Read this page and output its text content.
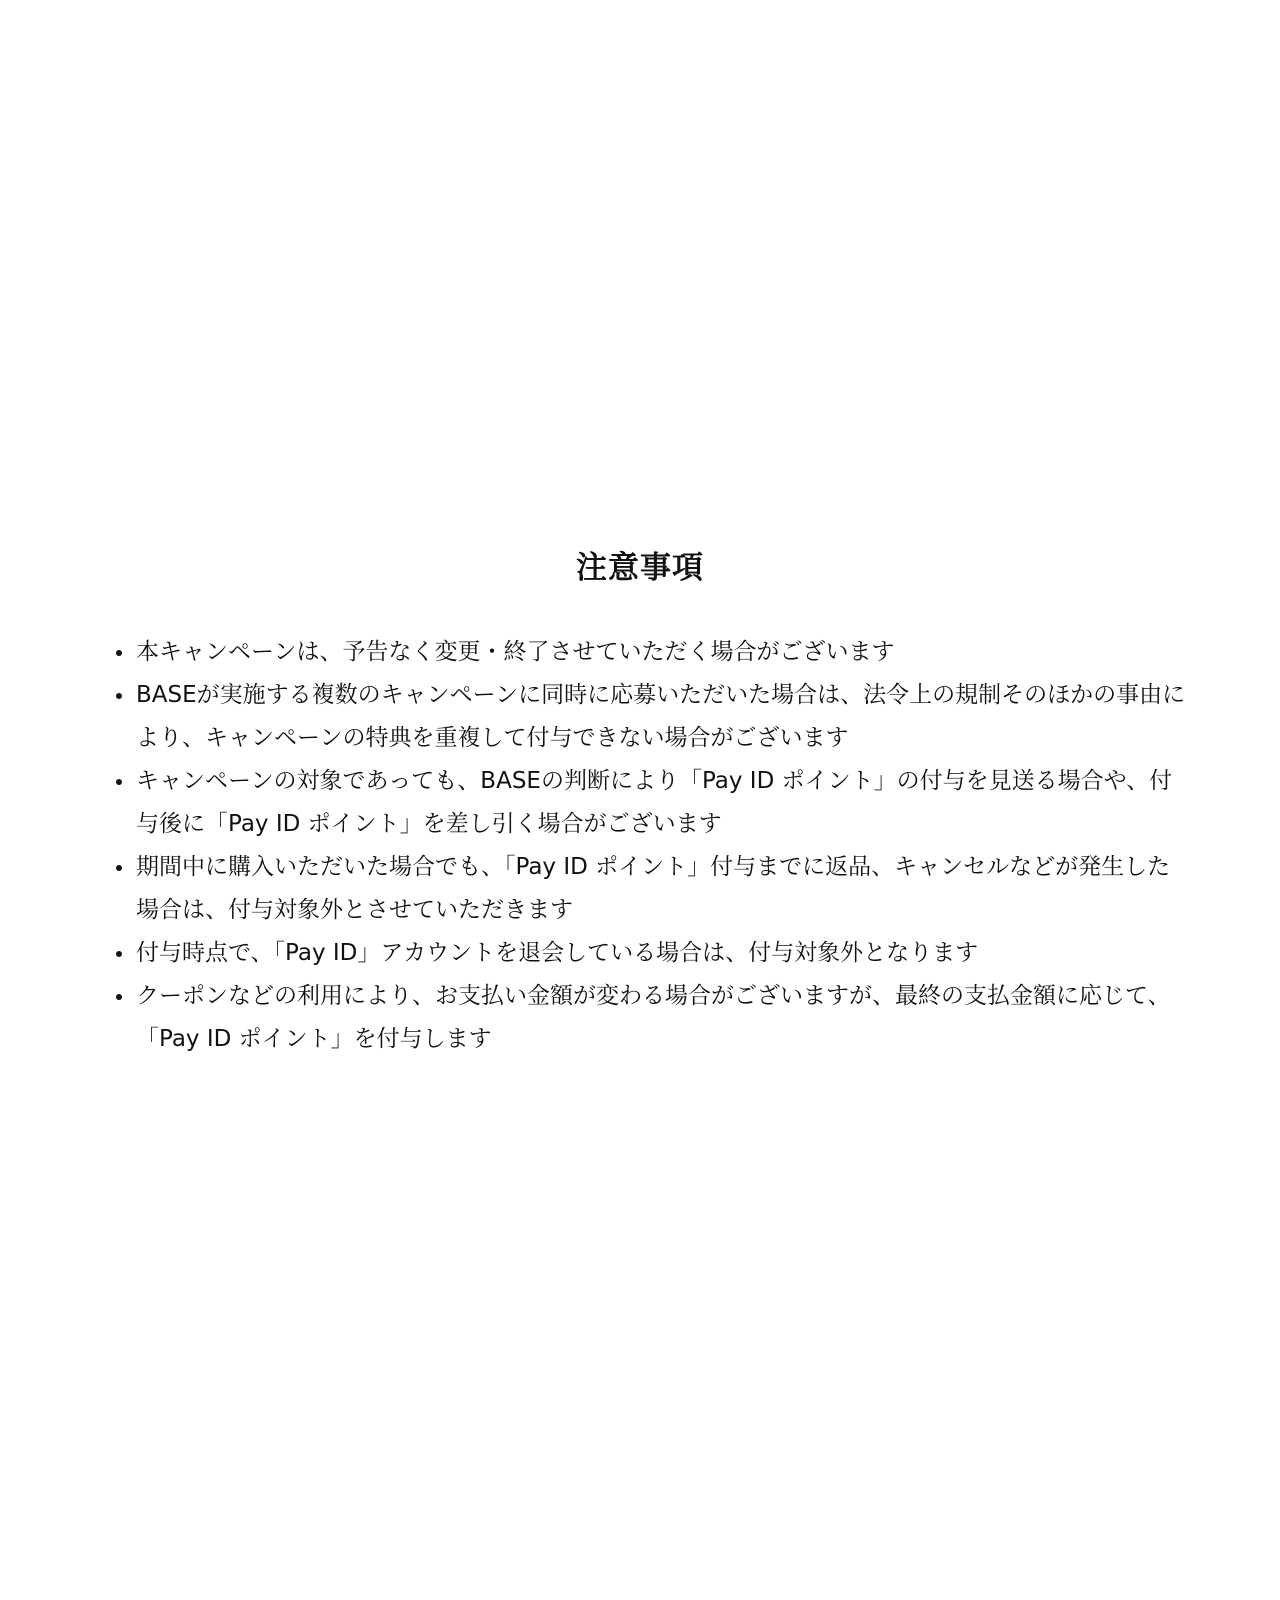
注意事項
本キャンペーンは、予告なく変更・終了させていただく場合がございます
BASEが実施する複数のキャンペーンに同時に応募いただいた場合は、法令上の規制そのほかの事由により、キャンペーンの特典を重複して付与できない場合がございます
キャンペーンの対象であっても、BASEの判断により「Pay ID ポイント」の付与を見送る場合や、付与後に「Pay ID ポイント」を差し引く場合がございます
期間中に購入いただいた場合でも、「Pay ID ポイント」付与までに返品、キャンセルなどが発生した場合は、付与対象外とさせていただきます
付与時点で、「Pay ID」アカウントを退会している場合は、付与対象外となります
クーポンなどの利用により、お支払い金額が変わる場合がございますが、最終の支払金額に応じて、「Pay ID ポイント」を付与します
